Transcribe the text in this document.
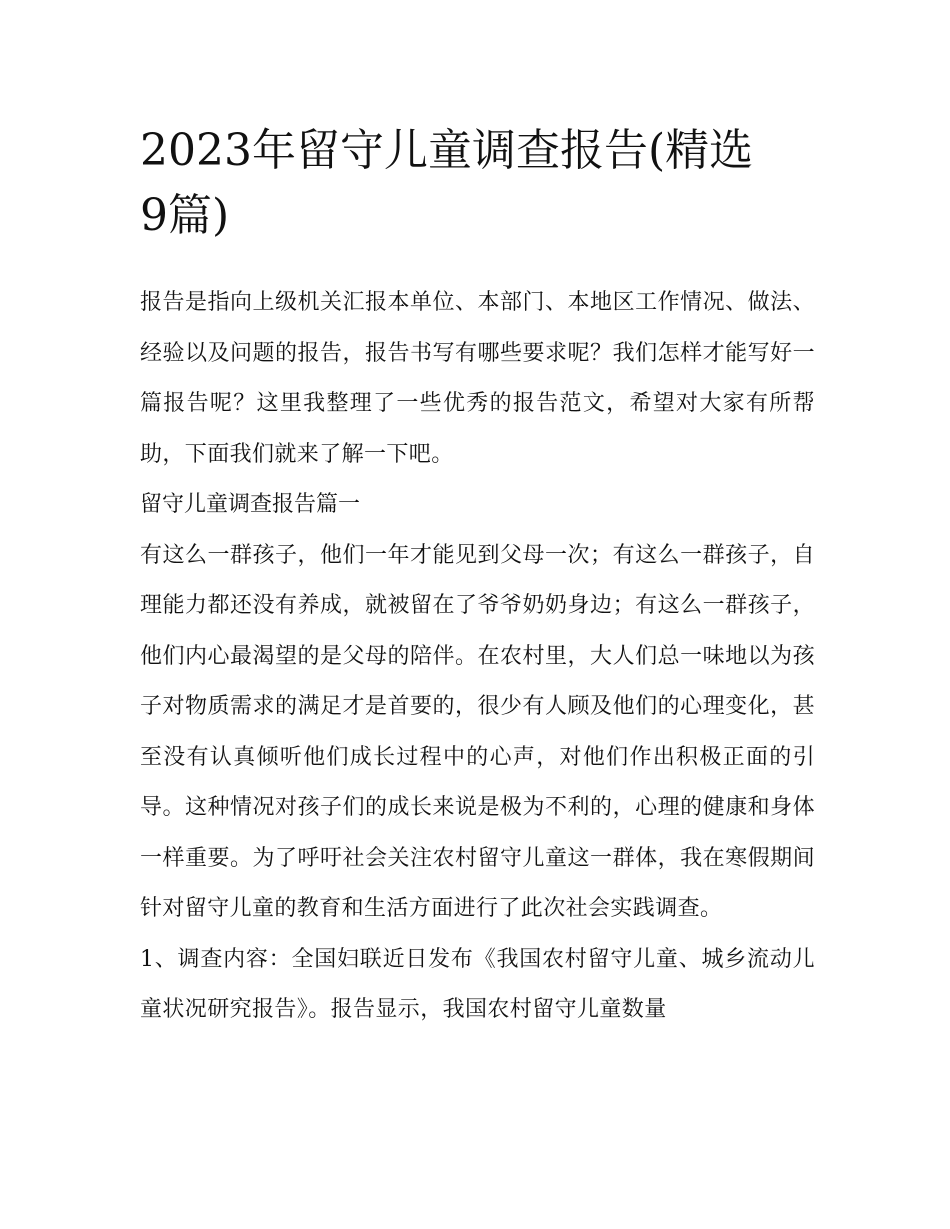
2023年留守儿童调查报告(精选9篇)

报告是指向上级机关汇报本单位、本部门、本地区工作情况、做法、经验以及问题的报告，报告书写有哪些要求呢？我们怎样才能写好一篇报告呢？这里我整理了一些优秀的报告范文，希望对大家有所帮助，下面我们就来了解一下吧。

留守儿童调查报告篇一

有这么一群孩子，他们一年才能见到父母一次；有这么一群孩子，自理能力都还没有养成，就被留在了爷爷奶奶身边；有这么一群孩子，他们内心最渴望的是父母的陪伴。在农村里，大人们总一味地以为孩子对物质需求的满足才是首要的，很少有人顾及他们的心理变化，甚至没有认真倾听他们成长过程中的心声，对他们作出积极正面的引导。这种情况对孩子们的成长来说是极为不利的，心理的健康和身体一样重要。为了呼吁社会关注农村留守儿童这一群体，我在寒假期间针对留守儿童的教育和生活方面进行了此次社会实践调查。

1、调查内容：全国妇联近日发布《我国农村留守儿童、城乡流动儿童状况研究报告》。报告显示，我国农村留守儿童数量
